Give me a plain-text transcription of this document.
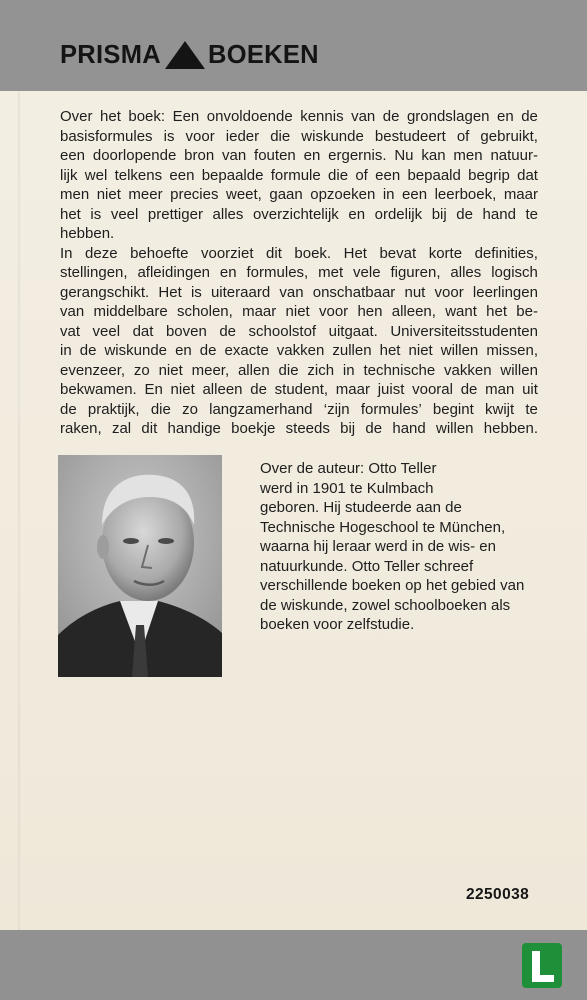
PRISMA BOEKEN
Over het boek: Een onvoldoende kennis van de grondslagen en de
basisformules is voor ieder die wiskunde bestudeert of gebruikt,
een doorlopende bron van fouten en ergernis. Nu kan men natuur-
lijk wel telkens een bepaalde formule die of een bepaald begrip dat
men niet meer precies weet, gaan opzoeken in een leerboek, maar
het is veel prettiger alles overzichtelijk en ordelijk bij de hand te
hebben.
In deze behoefte voorziet dit boek. Het bevat korte definities,
stellingen, afleidingen en formules, met vele figuren, alles logisch
gerangschikt. Het is uiteraard van onschatbaar nut voor leerlingen
van middelbare scholen, maar niet voor hen alleen, want het be-
vat veel dat boven de schoolstof uitgaat. Universiteitsstudenten
in de wiskunde en de exacte vakken zullen het niet willen missen,
evenzeer, zo niet meer, allen die zich in technische vakken willen
bekwamen. En niet alleen de student, maar juist vooral de man uit
de praktijk, die zo langzamerhand ‘zijn formules’ begint kwijt te
raken, zal dit handige boekje steeds bij de hand willen hebben.
Over de auteur: Otto Teller
werd in 1901 te Kulmbach
geboren. Hij studeerde aan de
Technische Hogeschool te München,
waarna hij leraar werd in de wis- en
natuurkunde. Otto Teller schreef
verschillende boeken op het gebied van
de wiskunde, zowel schoolboeken als
boeken voor zelfstudie.
2250038
